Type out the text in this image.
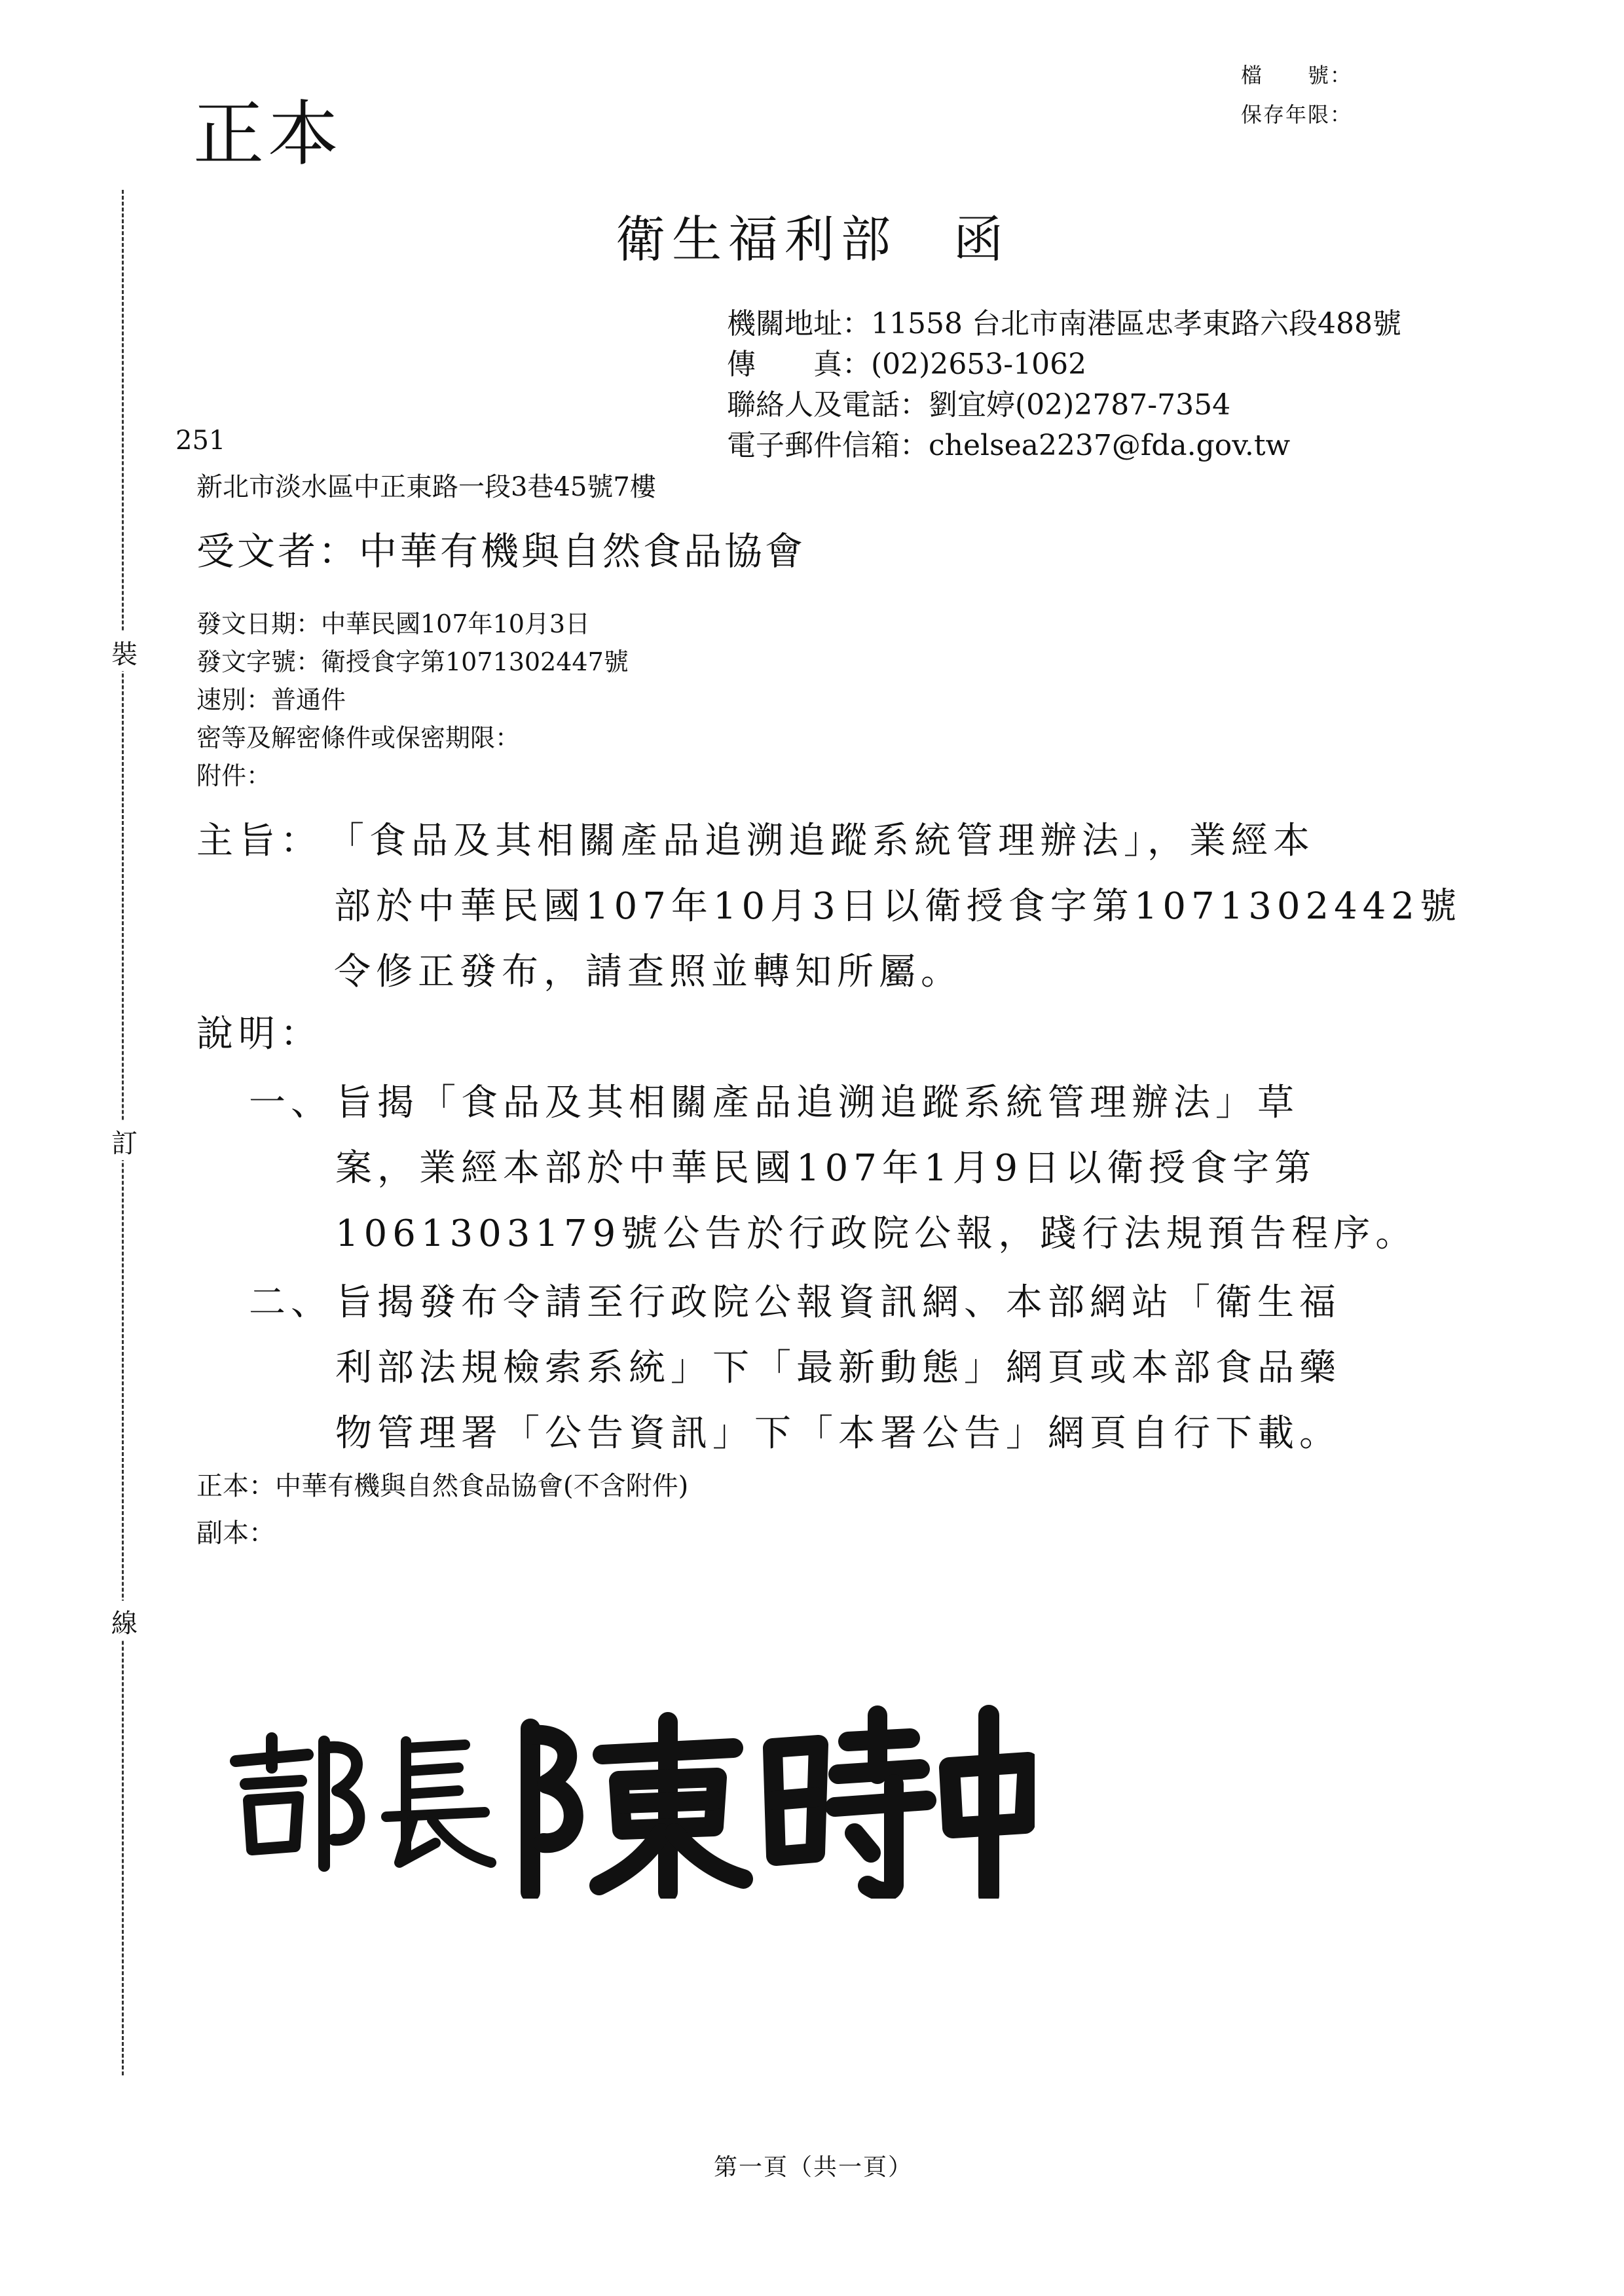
裝
訂
線
正本
檔　　號：
保存年限：
衛生福利部　函
機關地址：11558 台北市南港區忠孝東路六段488號
傳　　真：(02)2653-1062
聯絡人及電話：劉宜婷(02)2787-7354
電子郵件信箱：chelsea2237@fda.gov.tw
251
新北市淡水區中正東路一段3巷45號7樓
受文者：中華有機與自然食品協會
發文日期：中華民國107年10月3日
發文字號：衛授食字第1071302447號
速別：普通件
密等及解密條件或保密期限：
附件：
主旨： 「食品及其相關產品追溯追蹤系統管理辦法」，業經本
部於中華民國107年10月3日以衛授食字第1071302442號
令修正發布，請查照並轉知所屬。
說明：
一、 旨揭「食品及其相關產品追溯追蹤系統管理辦法」草
案，業經本部於中華民國107年1月9日以衛授食字第
1061303179號公告於行政院公報，踐行法規預告程序。
二、 旨揭發布令請至行政院公報資訊網、本部網站「衛生福
利部法規檢索系統」下「最新動態」網頁或本部食品藥
物管理署「公告資訊」下「本署公告」網頁自行下載。
正本：中華有機與自然食品協會(不含附件)
副本：
第一頁（共一頁）
